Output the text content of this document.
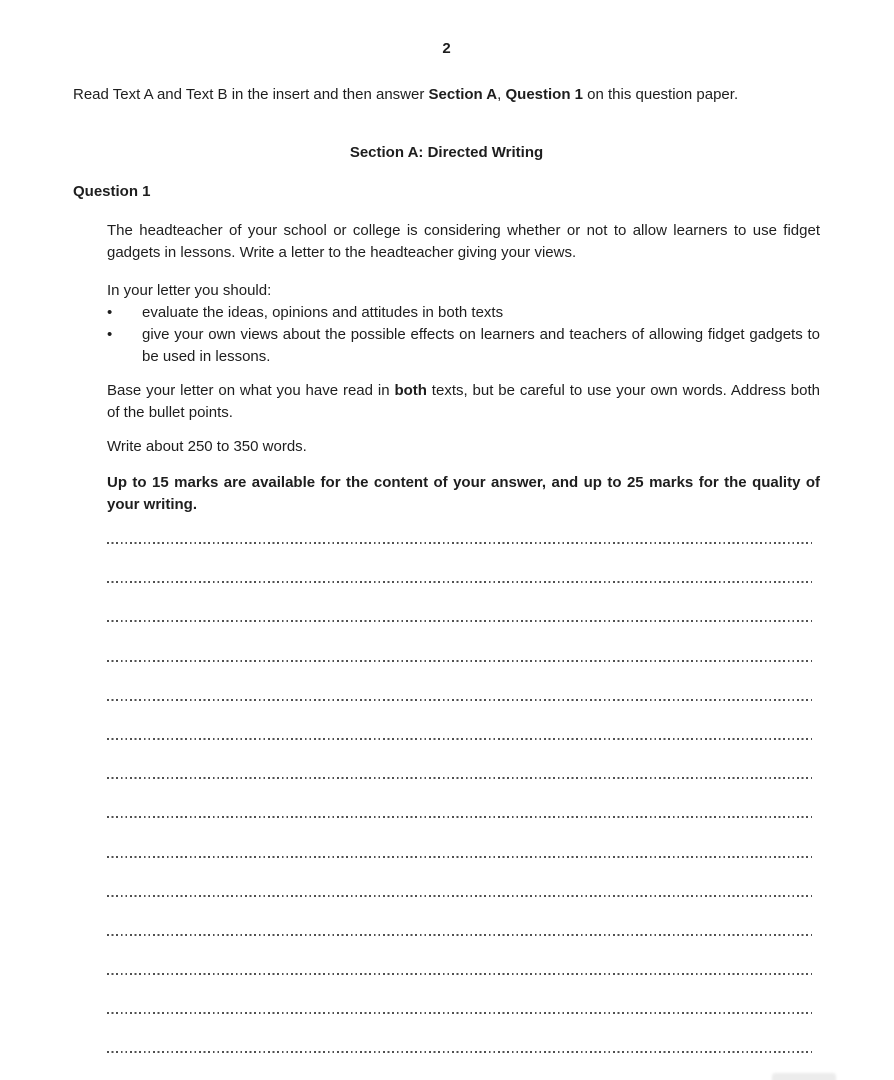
2
Read Text A and Text B in the insert and then answer Section A, Question 1 on this question paper.
Section A: Directed Writing
Question 1
The headteacher of your school or college is considering whether or not to allow learners to use fidget gadgets in lessons. Write a letter to the headteacher giving your views.
In your letter you should:
•	evaluate the ideas, opinions and attitudes in both texts
•	give your own views about the possible effects on learners and teachers of allowing fidget gadgets to be used in lessons.
Base your letter on what you have read in both texts, but be careful to use your own words. Address both of the bullet points.
Write about 250 to 350 words.
Up to 15 marks are available for the content of your answer, and up to 25 marks for the quality of your writing.
